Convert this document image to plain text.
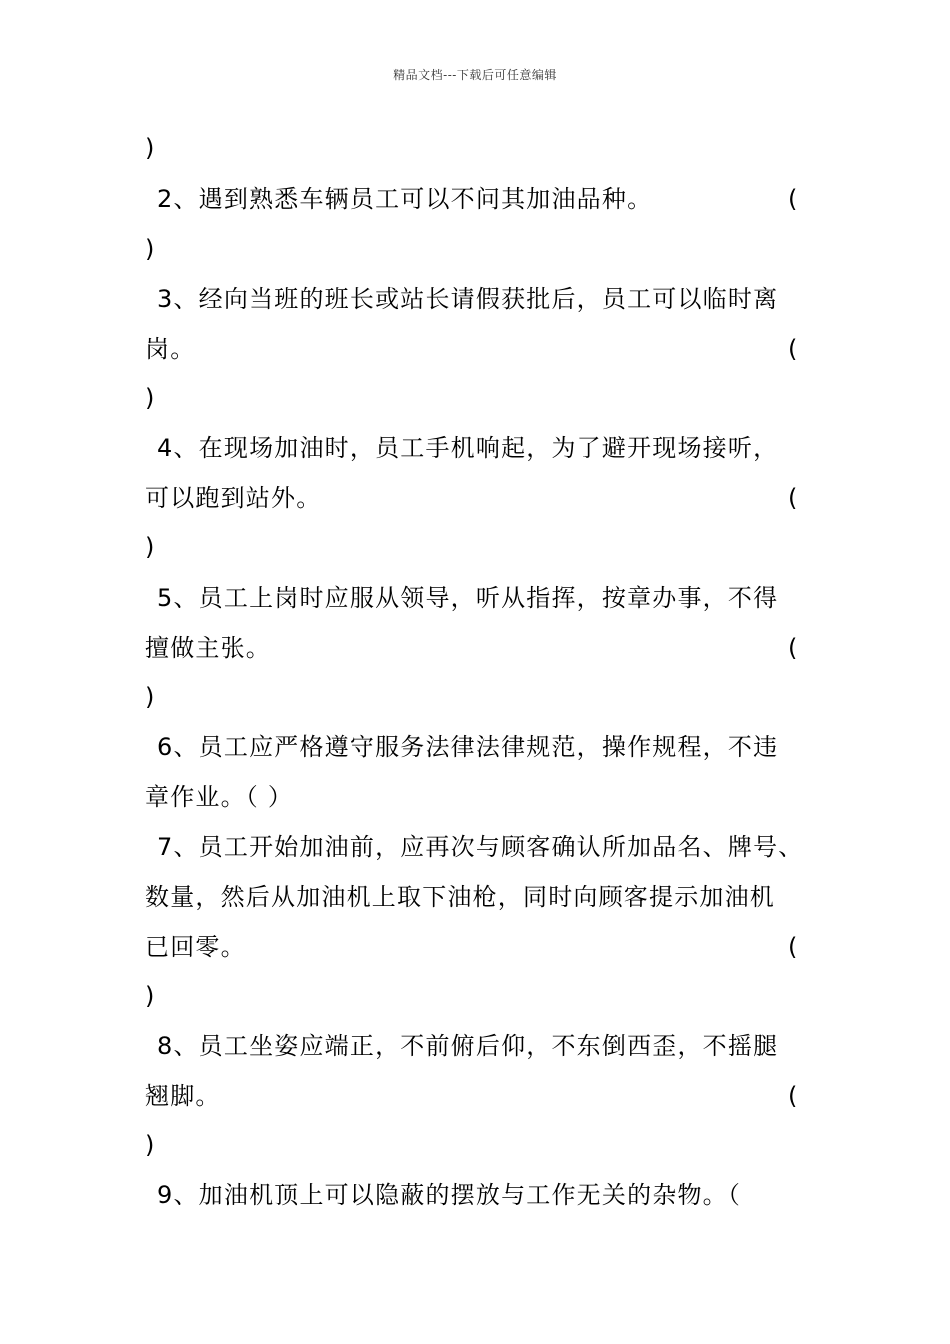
精品文档---下载后可任意编辑
)
2、遇到熟悉车辆员工可以不问其加油品种。	(
)
3、经向当班的班长或站长请假获批后，员工可以临时离
岗。	(
)
4、在现场加油时，员工手机响起，为了避开现场接听，
可以跑到站外。	(
)
5、员工上岗时应服从领导，听从指挥，按章办事，不得
擅做主张。	(
)
6、员工应严格遵守服务法律法律规范，操作规程，不违
章作业。（ ）
7、员工开始加油前，应再次与顾客确认所加品名、牌号、
数量，然后从加油机上取下油枪，同时向顾客提示加油机
已回零。	(
)
8、员工坐姿应端正，不前俯后仰，不东倒西歪，不摇腿
翘脚。	(
)
9、加油机顶上可以隐蔽的摆放与工作无关的杂物。（
